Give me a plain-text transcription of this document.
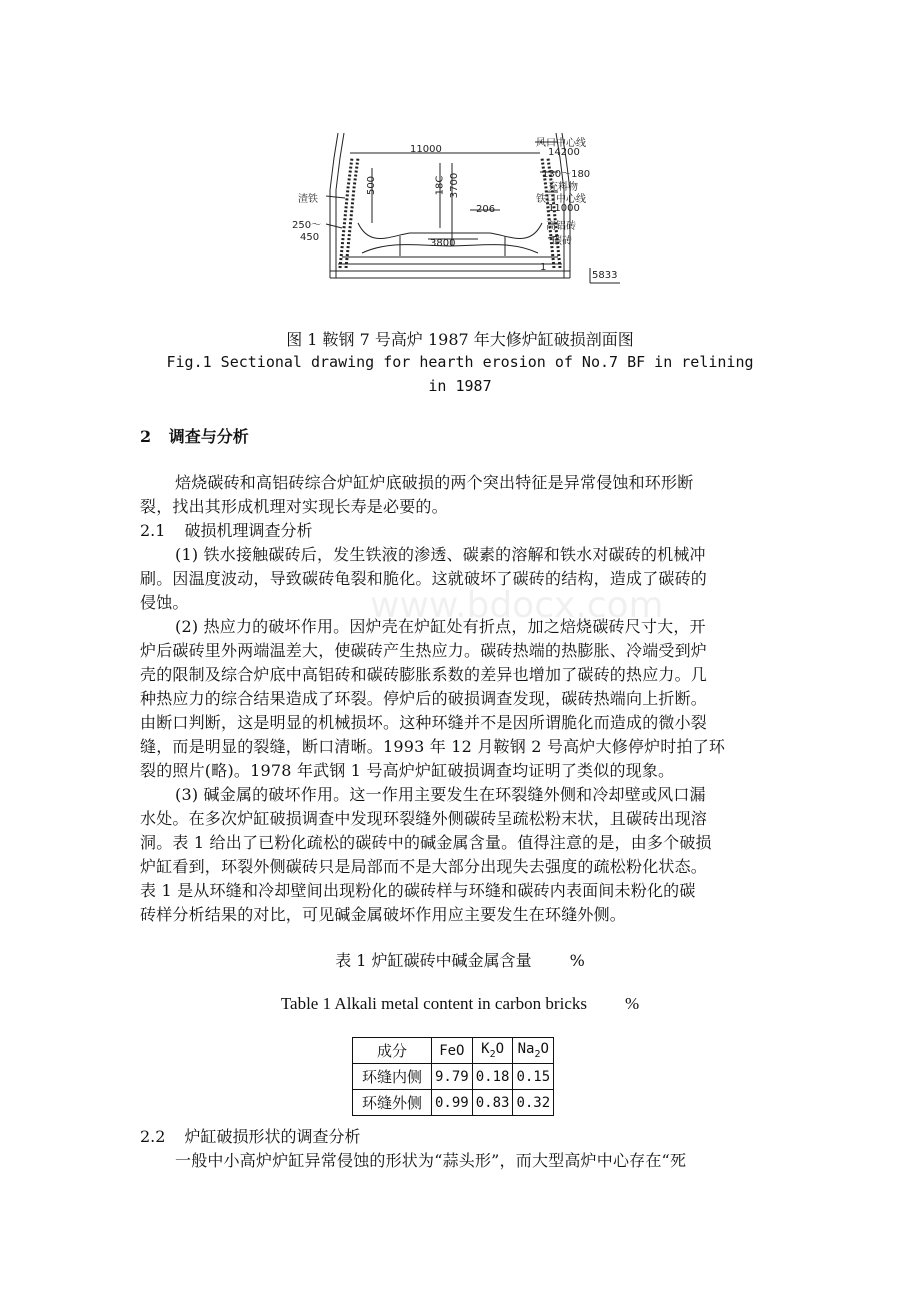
11000
风口中心线
14200
130～180
充料物
铁口中心线
11000
高铝砖
碳砖
渣铁
250～
450
500	18C 3700
206
3800
5833
1
图 1 鞍钢 7 号高炉 1987 年大修炉缸破损剖面图
Fig.1 Sectional drawing for hearth erosion of No.7 BF in relining
in 1987
2 调查与分析
焙烧碳砖和高铝砖综合炉缸炉底破损的两个突出特征是异常侵蚀和环形断
裂，找出其形成机理对实现长寿是必要的。
2.1 破损机理调查分析
(1) 铁水接触碳砖后，发生铁液的渗透、碳素的溶解和铁水对碳砖的机械冲
刷。因温度波动，导致碳砖龟裂和脆化。这就破坏了碳砖的结构，造成了碳砖的
侵蚀。
(2) 热应力的破坏作用。因炉壳在炉缸处有折点，加之焙烧碳砖尺寸大，开
炉后碳砖里外两端温差大，使碳砖产生热应力。碳砖热端的热膨胀、冷端受到炉
壳的限制及综合炉底中高铝砖和碳砖膨胀系数的差异也增加了碳砖的热应力。几
种热应力的综合结果造成了环裂。停炉后的破损调查发现，碳砖热端向上折断。
由断口判断，这是明显的机械损坏。这种环缝并不是因所谓脆化而造成的微小裂
缝，而是明显的裂缝，断口清晰。1993 年 12 月鞍钢 2 号高炉大修停炉时拍了环
裂的照片(略)。1978 年武钢 1 号高炉炉缸破损调查均证明了类似的现象。
(3) 碱金属的破坏作用。这一作用主要发生在环裂缝外侧和冷却壁或风口漏
水处。在多次炉缸破损调查中发现环裂缝外侧碳砖呈疏松粉末状，且碳砖出现溶
洞。表 1 给出了已粉化疏松的碳砖中的碱金属含量。值得注意的是，由多个破损
炉缸看到，环裂外侧碳砖只是局部而不是大部分出现失去强度的疏松粉化状态。
表 1 是从环缝和冷却壁间出现粉化的碳砖样与环缝和碳砖内表面间未粉化的碳
砖样分析结果的对比，可见碱金属破坏作用应主要发生在环缝外侧。
表 1 炉缸碳砖中碱金属含量 %
Table 1 Alkali metal content in carbon bricks %
成分	FeO	$K_2O$	$Na_2O$
环缝内侧	9.79	0.18	0.15
环缝外侧	0.99	0.83	0.32
2.2 炉缸破损形状的调查分析
一般中小高炉炉缸异常侵蚀的形状为“蒜头形”，而大型高炉中心存在“死
www.bdocx.com
